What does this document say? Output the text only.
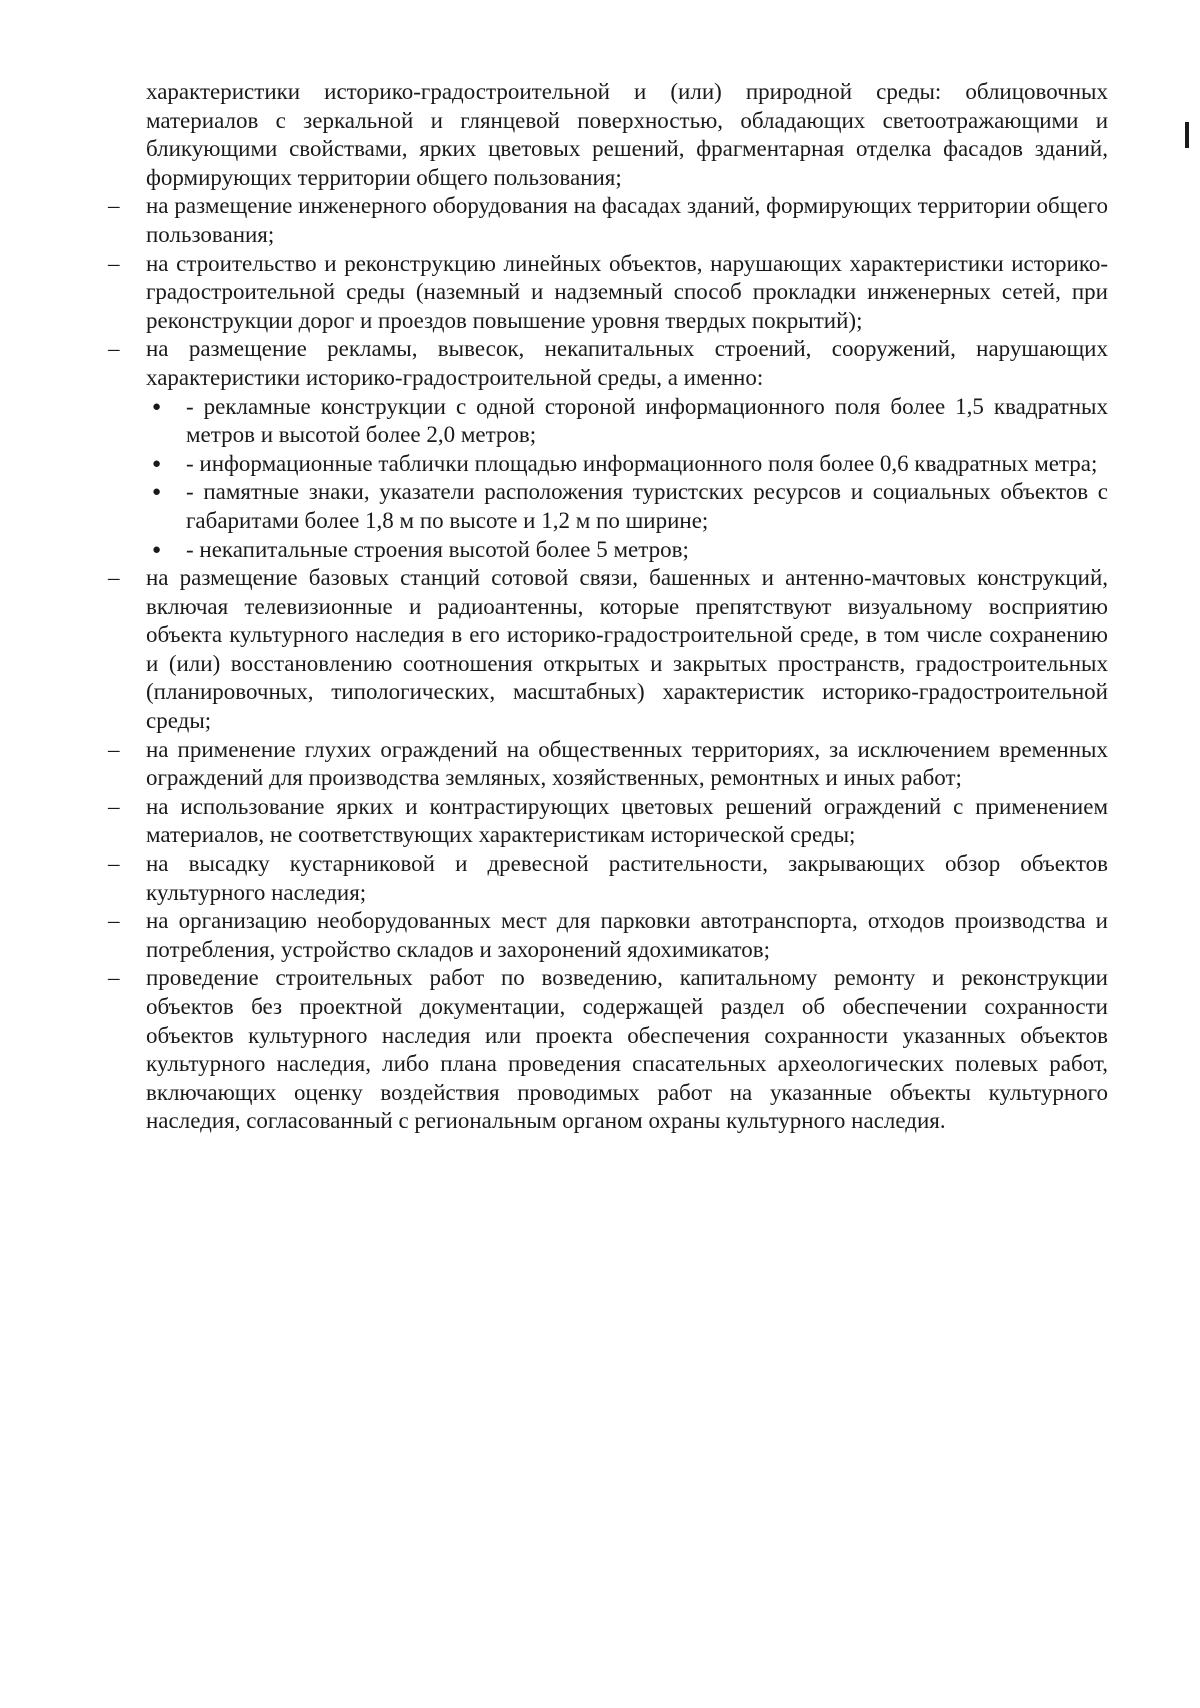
характеристики историко-градостроительной и (или) природной среды: облицовочных материалов с зеркальной и глянцевой поверхностью, обладающих светоотражающими и бликующими свойствами, ярких цветовых решений, фрагментарная отделка фасадов зданий, формирующих территории общего пользования;

– на размещение инженерного оборудования на фасадах зданий, формирующих территории общего пользования;
– на строительство и реконструкцию линейных объектов, нарушающих характеристики историко-градостроительной среды (наземный и надземный способ прокладки инженерных сетей, при реконструкции дорог и проездов повышение уровня твердых покрытий);
– на размещение рекламы, вывесок, некапитальных строений, сооружений, нарушающих характеристики историко-градостроительной среды, а именно:
● - рекламные конструкции с одной стороной информационного поля более 1,5 квадратных метров и высотой более 2,0 метров;
● - информационные таблички площадью информационного поля более 0,6 квадратных метра;
● - памятные знаки, указатели расположения туристских ресурсов и социальных объектов с габаритами более 1,8 м по высоте и 1,2 м по ширине;
● - некапитальные строения высотой более 5 метров;
– на размещение базовых станций сотовой связи, башенных и антенно-мачтовых конструкций, включая телевизионные и радиоантенны, которые препятствуют визуальному восприятию объекта культурного наследия в его историко-градостроительной среде, в том числе сохранению и (или) восстановлению соотношения открытых и закрытых пространств, градостроительных (планировочных, типологических, масштабных) характеристик историко-градостроительной среды;
– на применение глухих ограждений на общественных территориях, за исключением временных ограждений для производства земляных, хозяйственных, ремонтных и иных работ;
– на использование ярких и контрастирующих цветовых решений ограждений с применением материалов, не соответствующих характеристикам исторической среды;
– на высадку кустарниковой и древесной растительности, закрывающих обзор объектов культурного наследия;
– на организацию необорудованных мест для парковки автотранспорта, отходов производства и потребления, устройство складов и захоронений ядохимикатов;
– проведение строительных работ по возведению, капитальному ремонту и реконструкции объектов без проектной документации, содержащей раздел об обеспечении сохранности объектов культурного наследия или проекта обеспечения сохранности указанных объектов культурного наследия, либо плана проведения спасательных археологических полевых работ, включающих оценку воздействия проводимых работ на указанные объекты культурного наследия, согласованный с региональным органом охраны культурного наследия.
